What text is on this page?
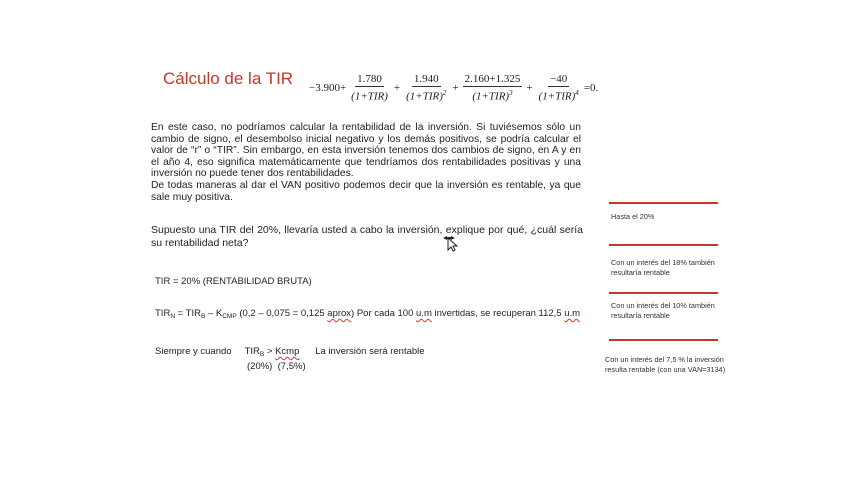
Cálculo de la TIR
$-3.900+ \frac{1.780}{\text{(1+TIR)}} + \frac{1.940}{(1+TIR)^2} + \frac{2.160+1.325}{(1+TIR)^3} + \frac{-40}{(1+TIR)^4} =0$.
En este caso, no podríamos calcular la rentabilidad de la inversión. Si tuviésemos sólo un cambio de signo, el desembolso inicial negativo y los demás positivos, se podría calcular el valor de “r” o “TIR”. Sin embargo, en esta inversión tenemos dos cambios de signo, en A y en el año 4, eso significa matemáticamente que tendríamos dos rentabilidades positivas y una inversión no puede tener dos rentabilidades.
De todas maneras al dar el VAN positivo podemos decir que la inversión es rentable, ya que sale muy positiva.
Supuesto una TIR del 20%, llevaría usted a cabo la inversión, explique por qué, ¿cuál sería su rentabilidad neta?
TIR = 20% (RENTABILIDAD BRUTA)
$TIR_N = TIR_B - K_{CMP}$ (0,2 – 0,075 = 0,125 aprox) Por cada 100 u.m invertidas, se recuperan 112,5 u.m
Siempre y cuando $TIR_B$ > Kcmp La inversión será rentable
(20%) (7,5%)
Hasta el 20%
Con un interés del 18% también resultaría rentable
Con un interés del 10% también resultaría rentable
Con un interés del 7,5 % la inversión resulta rentable (con una VAN=3134)
